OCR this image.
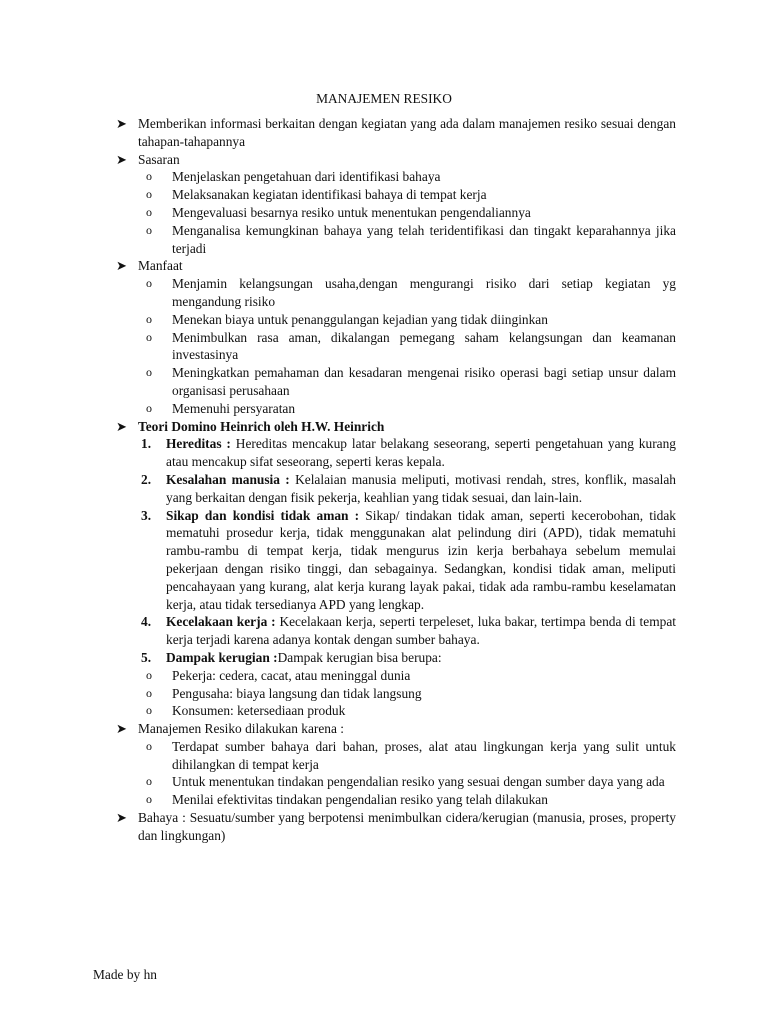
MANAJEMEN RESIKO
➤ Memberikan informasi berkaitan dengan kegiatan yang ada dalam manajemen resiko sesuai dengan tahapan-tahapannya
➤ Sasaran
o Menjelaskan pengetahuan dari identifikasi bahaya
o Melaksanakan kegiatan identifikasi bahaya di tempat kerja
o Mengevaluasi besarnya resiko untuk menentukan pengendaliannya
o Menganalisa kemungkinan bahaya yang telah teridentifikasi dan tingakt keparahannya jika terjadi
➤ Manfaat
o Menjamin kelangsungan usaha,dengan mengurangi risiko dari setiap kegiatan yg mengandung risiko
o Menekan biaya untuk penanggulangan kejadian yang tidak diinginkan
o Menimbulkan rasa aman, dikalangan pemegang saham kelangsungan dan keamanan investasinya
o Meningkatkan pemahaman dan kesadaran mengenai risiko operasi bagi setiap unsur dalam organisasi perusahaan
o Memenuhi persyaratan
➤ Teori Domino Heinrich oleh H.W. Heinrich
1. Hereditas : Hereditas mencakup latar belakang seseorang, seperti pengetahuan yang kurang atau mencakup sifat seseorang, seperti keras kepala.
2. Kesalahan manusia : Kelalaian manusia meliputi, motivasi rendah, stres, konflik, masalah yang berkaitan dengan fisik pekerja, keahlian yang tidak sesuai, dan lain-lain.
3. Sikap dan kondisi tidak aman : Sikap/ tindakan tidak aman, seperti kecerobohan, tidak mematuhi prosedur kerja, tidak menggunakan alat pelindung diri (APD), tidak mematuhi rambu-rambu di tempat kerja, tidak mengurus izin kerja berbahaya sebelum memulai pekerjaan dengan risiko tinggi, dan sebagainya. Sedangkan, kondisi tidak aman, meliputi pencahayaan yang kurang, alat kerja kurang layak pakai, tidak ada rambu-rambu keselamatan kerja, atau tidak tersedianya APD yang lengkap.
4. Kecelakaan kerja : Kecelakaan kerja, seperti terpeleset, luka bakar, tertimpa benda di tempat kerja terjadi karena adanya kontak dengan sumber bahaya.
5. Dampak kerugian :Dampak kerugian bisa berupa:
o Pekerja: cedera, cacat, atau meninggal dunia
o Pengusaha: biaya langsung dan tidak langsung
o Konsumen: ketersediaan produk
➤ Manajemen Resiko dilakukan karena :
o Terdapat sumber bahaya dari bahan, proses, alat atau lingkungan kerja yang sulit untuk dihilangkan di tempat kerja
o Untuk menentukan tindakan pengendalian resiko yang sesuai dengan sumber daya yang ada
o Menilai efektivitas tindakan pengendalian resiko yang telah dilakukan
➤ Bahaya : Sesuatu/sumber yang berpotensi menimbulkan cidera/kerugian (manusia, proses, property dan lingkungan)
Made by hn
